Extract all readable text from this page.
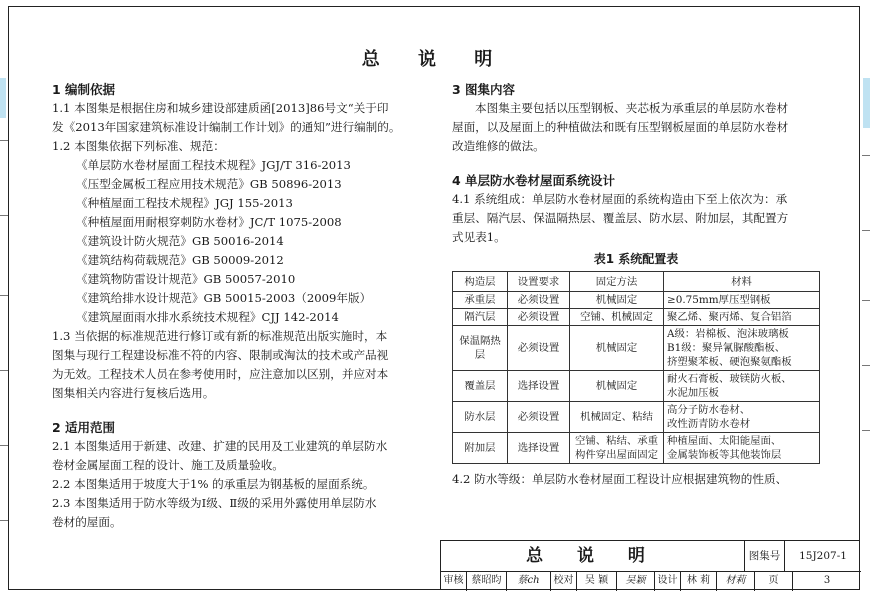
总 说 明
1 编制依据
1.1 本图集是根据住房和城乡建设部建质函[2013]86号文“关于印
发《2013年国家建筑标准设计编制工作计划》的通知”进行编制的。
1.2 本图集依据下列标准、规范：
《单层防水卷材屋面工程技术规程》JGJ/T 316-2013
《压型金属板工程应用技术规范》GB 50896-2013
《种植屋面工程技术规程》JGJ 155-2013
《种植屋面用耐根穿刺防水卷材》JC/T 1075-2008
《建筑设计防火规范》GB 50016-2014
《建筑结构荷载规范》GB 50009-2012
《建筑物防雷设计规范》GB 50057-2010
《建筑给排水设计规范》GB 50015-2003（2009年版）
《建筑屋面雨水排水系统技术规程》CJJ 142-2014
1.3 当依据的标准规范进行修订或有新的标准规范出版实施时，本
图集与现行工程建设标准不符的内容、限制或淘汰的技术或产品视
为无效。工程技术人员在参考使用时，应注意加以区别，并应对本
图集相关内容进行复核后选用。
2 适用范围
2.1 本图集适用于新建、改建、扩建的民用及工业建筑的单层防水
卷材金属屋面工程的设计、施工及质量验收。
2.2 本图集适用于坡度大于1% 的承重层为钢基板的屋面系统。
2.3 本图集适用于防水等级为Ⅰ级、Ⅱ级的采用外露使用单层防水
卷材的屋面。
3 图集内容
本图集主要包括以压型钢板、夹芯板为承重层的单层防水卷材
屋面，以及屋面上的种植做法和既有压型钢板屋面的单层防水卷材
改造维修的做法。
4 单层防水卷材屋面系统设计
4.1 系统组成：单层防水卷材屋面的系统构造由下至上依次为：承
重层、隔汽层、保温隔热层、覆盖层、防水层、附加层，其配置方
式见表1。
表1 系统配置表
构造层	设置要求	固定方法	材料
承重层	必须设置	机械固定	≥0.75mm厚压型钢板
隔汽层	必须设置	空铺、机械固定	聚乙烯、聚丙烯、复合铝箔
保温隔热层	必须设置	机械固定	A级：岩棉板、泡沫玻璃板
B1级：聚异氰脲酸酯板、
挤塑聚苯板、硬泡聚氨酯板
覆盖层	选择设置	机械固定	耐火石膏板、玻镁防火板、
水泥加压板
防水层	必须设置	机械固定、粘结	高分子防水卷材、
改性沥青防水卷材
附加层	选择设置	空铺、粘结、承重
构件穿出屋面固定	种植屋面、太阳能屋面、
金属装饰板等其他装饰层
4.2 防水等级：单层防水卷材屋面工程设计应根据建筑物的性质、
总 说 明	图集号	15J207-1
审核 蔡昭昀	蔡ch	校对	吴 颖	吴颖	设计 林 莉	材莉	页	3
